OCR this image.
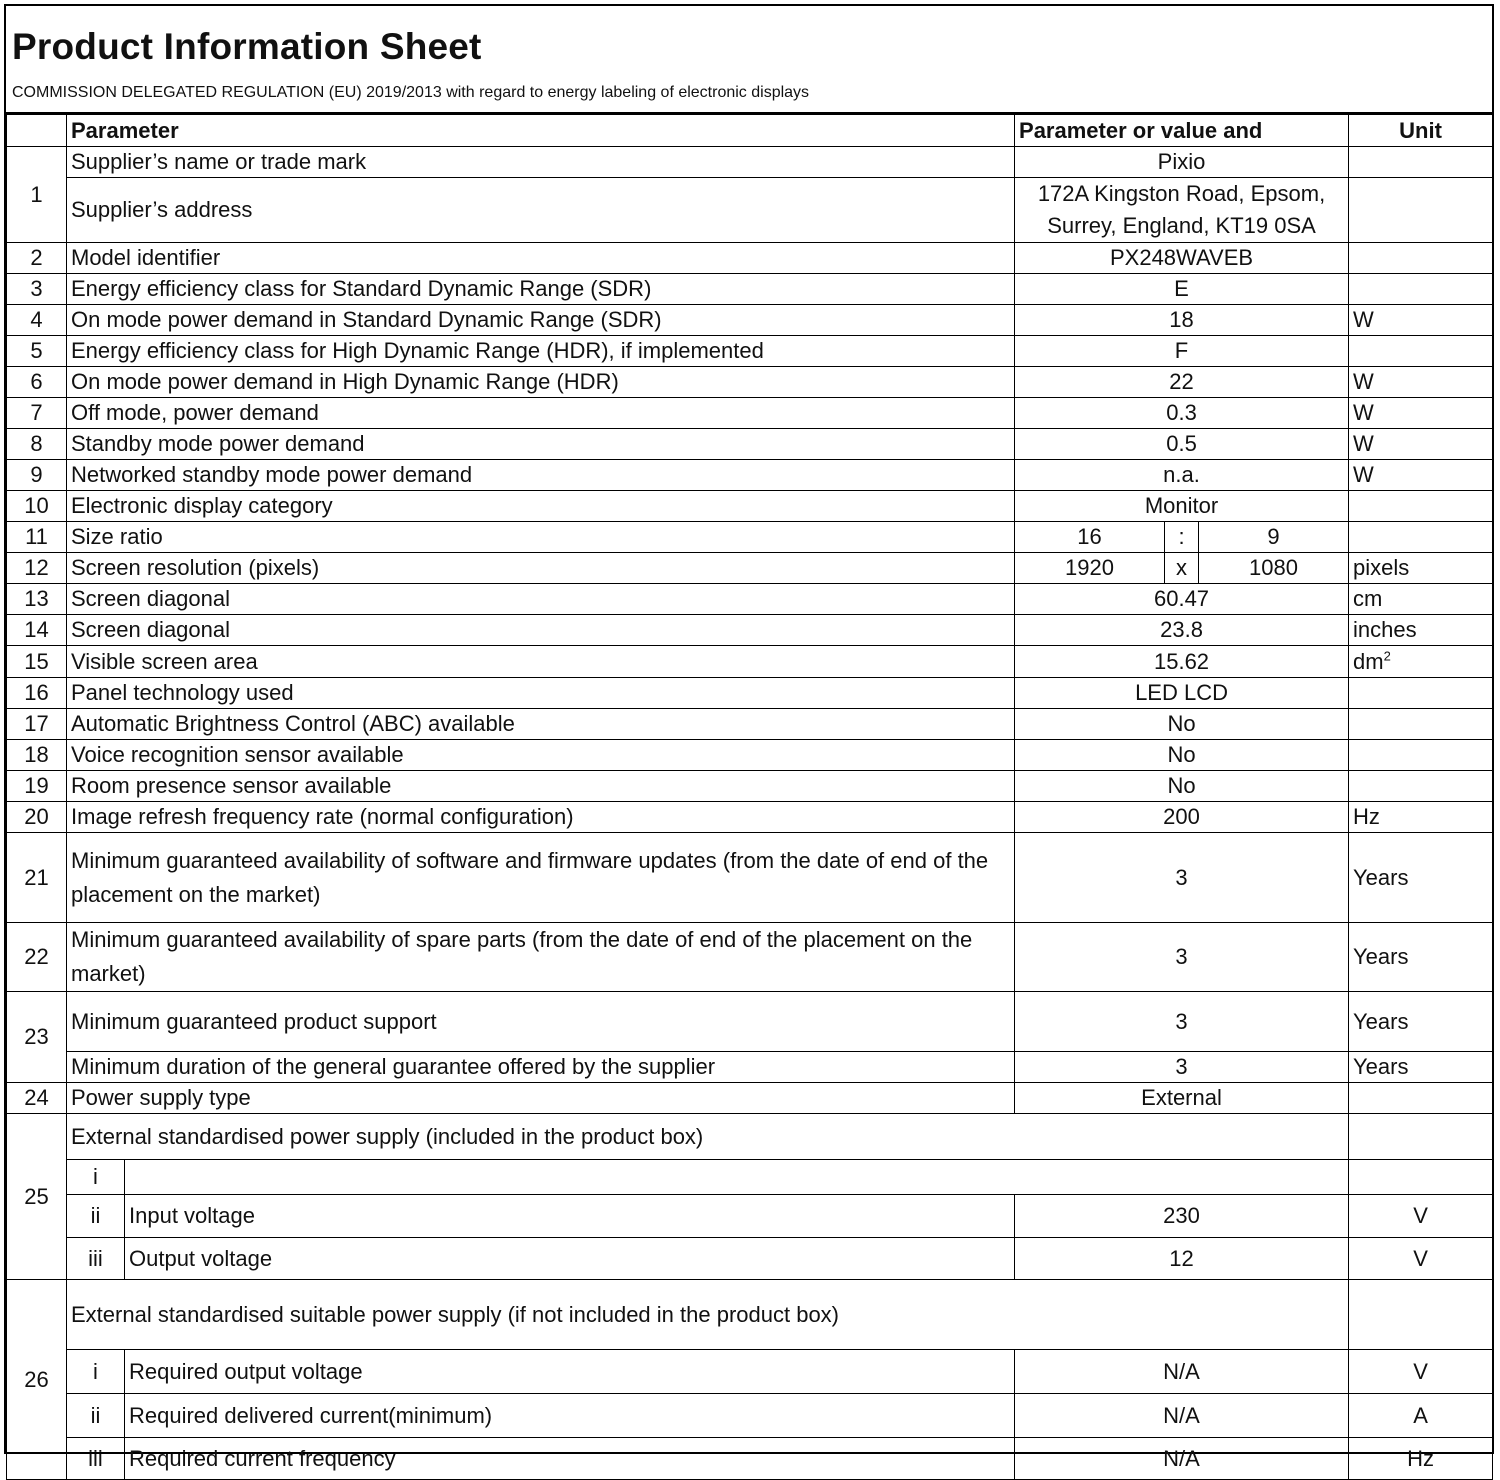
Product Information Sheet
COMMISSION DELEGATED REGULATION (EU) 2019/2013 with regard to energy labeling of electronic displays
	Parameter		Parameter or value and			Unit
1	Supplier’s name or trade mark		Pixio			
	Supplier’s address		172A Kingston Road, Epsom,
Surrey, England, KT19 0SA			
2	Model identifier		PX248WAVEB			
3	Energy efficiency class for Standard Dynamic Range (SDR)		E			
4	On mode power demand in Standard Dynamic Range (SDR)		18			W
5	Energy efficiency class for High Dynamic Range (HDR), if implemented		F			
6	On mode power demand in High Dynamic Range (HDR)		22			W
7	Off mode, power demand		0.3			W
8	Standby mode power demand		0.5			W
9	Networked standby mode power demand		n.a.			W
10	Electronic display category		Monitor			
11	Size ratio		16	:	9	
12	Screen resolution (pixels)		1920	x	1080	pixels
13	Screen diagonal		60.47			cm
14	Screen diagonal		23.8			inches
15	Visible screen area		15.62			$dm^2$
16	Panel technology used		LED LCD			
17	Automatic Brightness Control (ABC) available		No			
18	Voice recognition sensor available		No			
19	Room presence sensor available		No			
20	Image refresh frequency rate (normal configuration)		200			Hz
21	Minimum guaranteed availability of software and firmware updates (from the date of end of the placement on the market)		3			Years
22	Minimum guaranteed availability of spare parts (from the date of end of the placement on the market)		3			Years
23	Minimum guaranteed product support		3			Years
	Minimum duration of the general guarantee offered by the supplier		3			Years
24	Power supply type		External			
25	External standardised power supply (included in the product box)					
	i					
	ii	Input voltage	230			V
	iii	Output voltage	12			V
26	External standardised suitable power supply (if not included in the product box)					
	i	Required output voltage	N/A			V
	ii	Required delivered current(minimum)	N/A			A
	iii	Required current frequency	N/A			Hz
